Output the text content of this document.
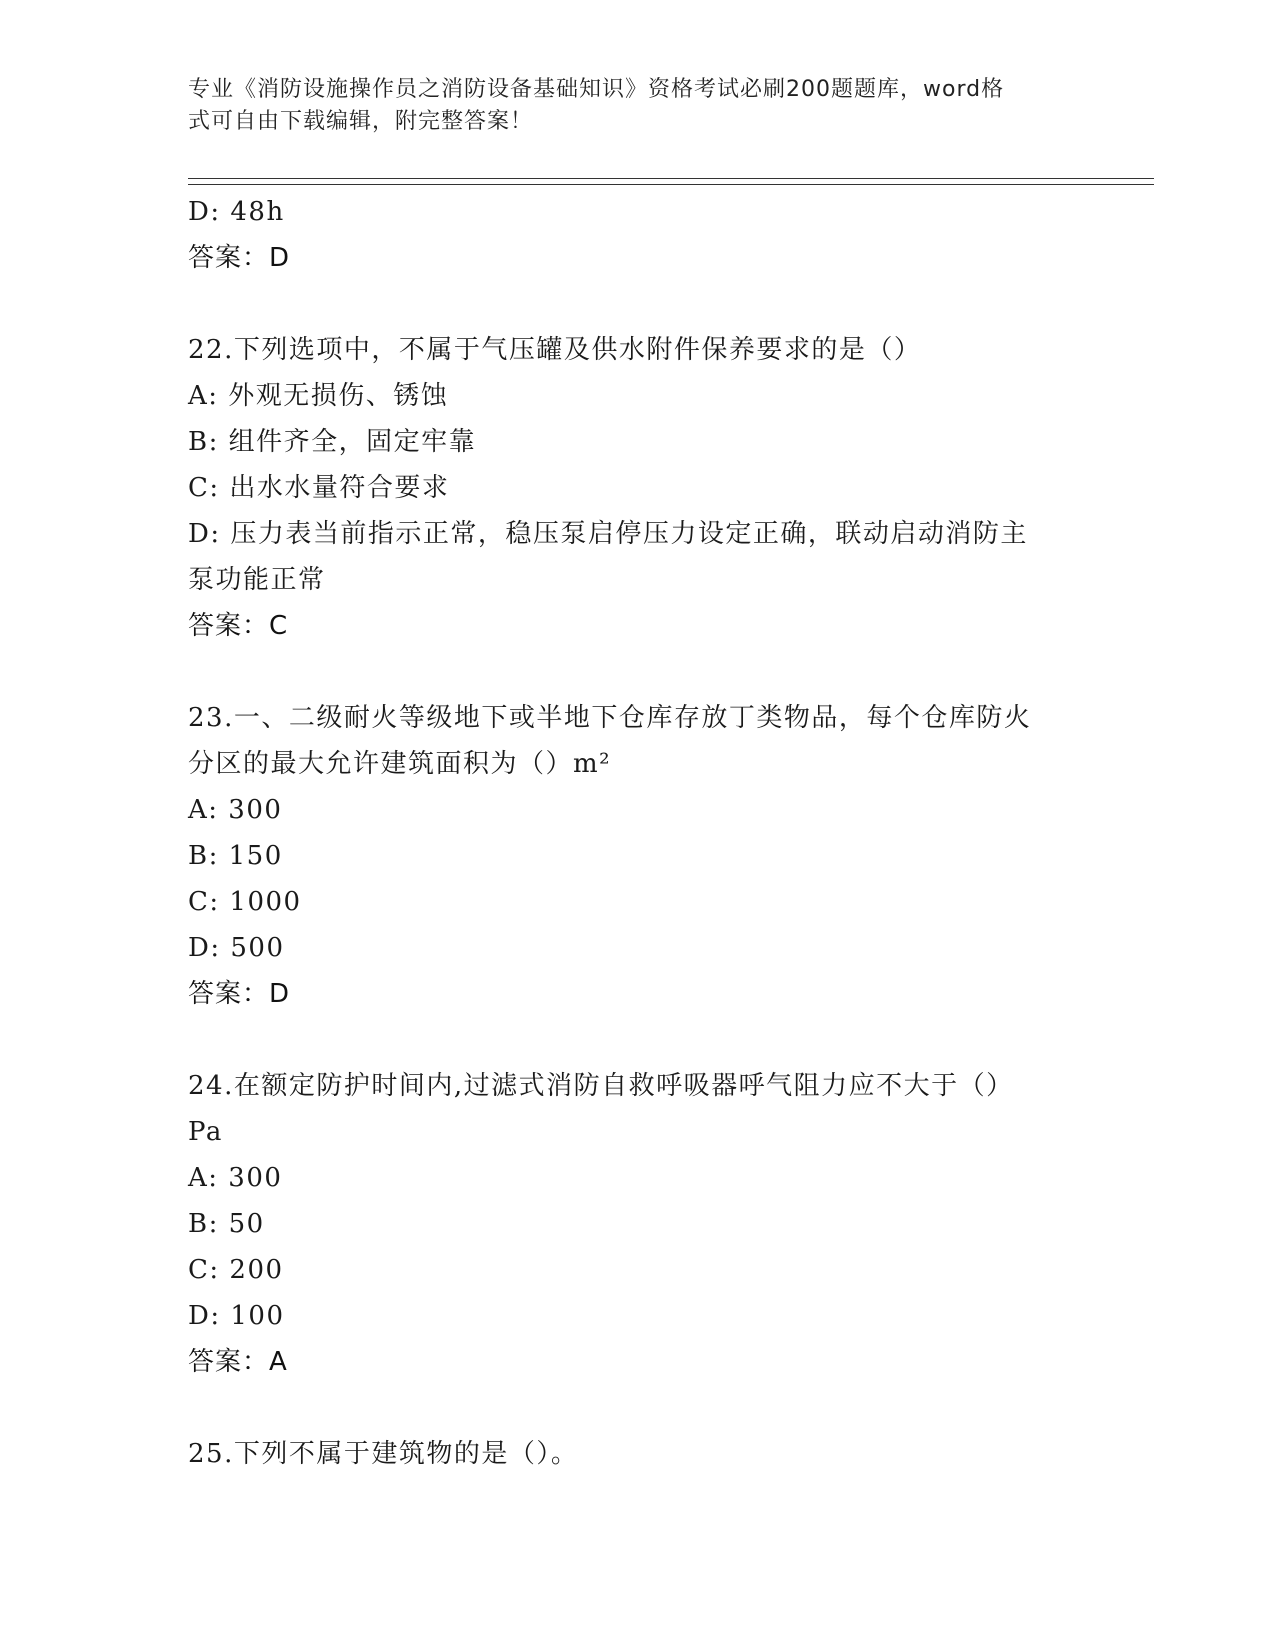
专业《消防设施操作员之消防设备基础知识》资格考试必刷200题题库，word格

式可自由下载编辑，附完整答案！

D: 48h
答案：D
22.下列选项中，不属于气压罐及供水附件保养要求的是（）
A: 外观无损伤、锈蚀
B: 组件齐全，固定牢靠
C: 出水水量符合要求
D: 压力表当前指示正常，稳压泵启停压力设定正确，联动启动消防主
泵功能正常
答案：C
23.一、二级耐火等级地下或半地下仓库存放丁类物品，每个仓库防火
分区的最大允许建筑面积为（）m²
A: 300
B: 150
C: 1000
D: 500
答案：D
24.在额定防护时间内,过滤式消防自救呼吸器呼气阻力应不大于（）
Pa
A: 300
B: 50
C: 200
D: 100
答案：A
25.下列不属于建筑物的是（）。
